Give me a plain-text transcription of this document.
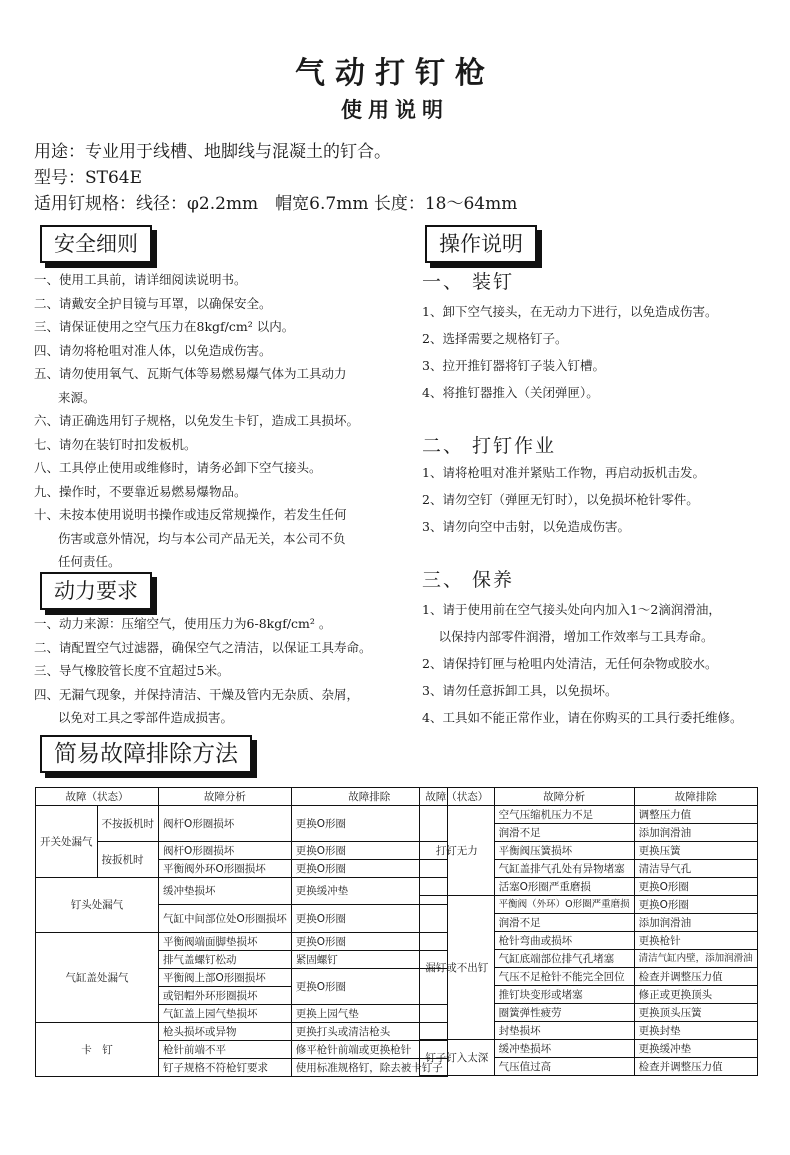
气动打钉枪
使用说明
用途：专业用于线槽、地脚线与混凝土的钉合。
型号：ST64E
适用钉规格：线径：φ2.2mm　帽宽6.7mm 长度：18～64mm
安全细则
一、 使用工具前，请详细阅读说明书。
二、 请戴安全护目镜与耳罩，以确保安全。
三、 请保证使用之空气压力在8kgf/cm² 以内。
四、 请勿将枪咀对准人体，以免造成伤害。
五、 请勿使用氧气、瓦斯气体等易燃易爆气体为工具动力
来源。
六、 请正确选用钉子规格，以免发生卡钉，造成工具损坏。
七、 请勿在装钉时扣发板机。
八、 工具停止使用或维修时，请务必卸下空气接头。
九、 操作时，不要靠近易燃易爆物品。
十、 未按本使用说明书操作或违反常规操作，若发生任何
伤害或意外情况，均与本公司产品无关，本公司不负
任何责任。
动力要求
一、 动力来源：压缩空气，使用压力为6-8kgf/cm² 。
二、 请配置空气过滤器，确保空气之清洁，以保证工具寿命。
三、 导气橡胶管长度不宜超过5米。
四、 无漏气现象，并保持清洁、干燥及管内无杂质、杂屑，
以免对工具之零部件造成损害。
操作说明
一、 装钉
1、卸下空气接头，在无动力下进行，以免造成伤害。
2、选择需要之规格钉子。
3、拉开推钉器将钉子装入钉槽。
4、将推钉器推入（关闭弹匣）。
二、 打钉作业
1、请将枪咀对准并紧贴工作物，再启动扳机击发。
2、请勿空钉（弹匣无钉时），以免损坏枪针零件。
3、请勿向空中击射，以免造成伤害。
三、 保养
1、请于使用前在空气接头处向内加入1～2滴润滑油，
　 以保持内部零件润滑，增加工作效率与工具寿命。
2、请保持钉匣与枪咀内处清洁，无任何杂物或胶水。
3、请勿任意拆卸工具，以免损坏。
4、工具如不能正常作业，请在你购买的工具行委托维修。
简易故障排除方法
故障（状态）		故障分析	故障排除
开关处漏气	不按扳机时	阀杆O形圈损坏	更换O形圈
	按扳机时	阀杆O形圈损坏	更换O形圈
		平衡阀外环O形圈损坏	更换O形圈
钉头处漏气		缓冲垫损坏	更换缓冲垫
		气缸中间部位处O形圈损坏	更换O形圈
气缸盖处漏气		平衡阀端面脚垫损坏	更换O形圈
		排气盖螺钉松动	紧固螺钉
		平衡阀上部O形圈损坏	更换O形圈
		或铝帽外环形圈损坏	
		气缸盖上园气垫损坏	更换上园气垫
卡　钉		枪头损坏或异物	更换打头或清洁枪头
		枪针前端不平	修平枪针前端或更换枪针
		钉子规格不符枪钉要求	使用标准规格钉，除去被卡钉子
故障（状态）	故障分析	故障排除
打钉无力	空气压缩机压力不足	调整压力值
	润滑不足	添加润滑油
	平衡阀压簧损坏	更换压簧
	气缸盖排气孔处有异物堵塞	清洁导气孔
	活塞O形圈严重磨损	更换O形圈
漏钉或不出钉	平衡阀（外环）O形圈严重磨损	更换O形圈
	润滑不足	添加润滑油
	枪针弯曲或损坏	更换枪针
	气缸底端部位排气孔堵塞	清洁气缸内壁，添加润滑油
	气压不足枪针不能完全回位	检查并调整压力值
	推钉块变形或堵塞	修正或更换顶头
	圈簧弹性疲劳	更换顶头压簧
	封垫损坏	更换封垫
钉子钉入太深	缓冲垫损坏	更换缓冲垫
	气压值过高	检查并调整压力值
